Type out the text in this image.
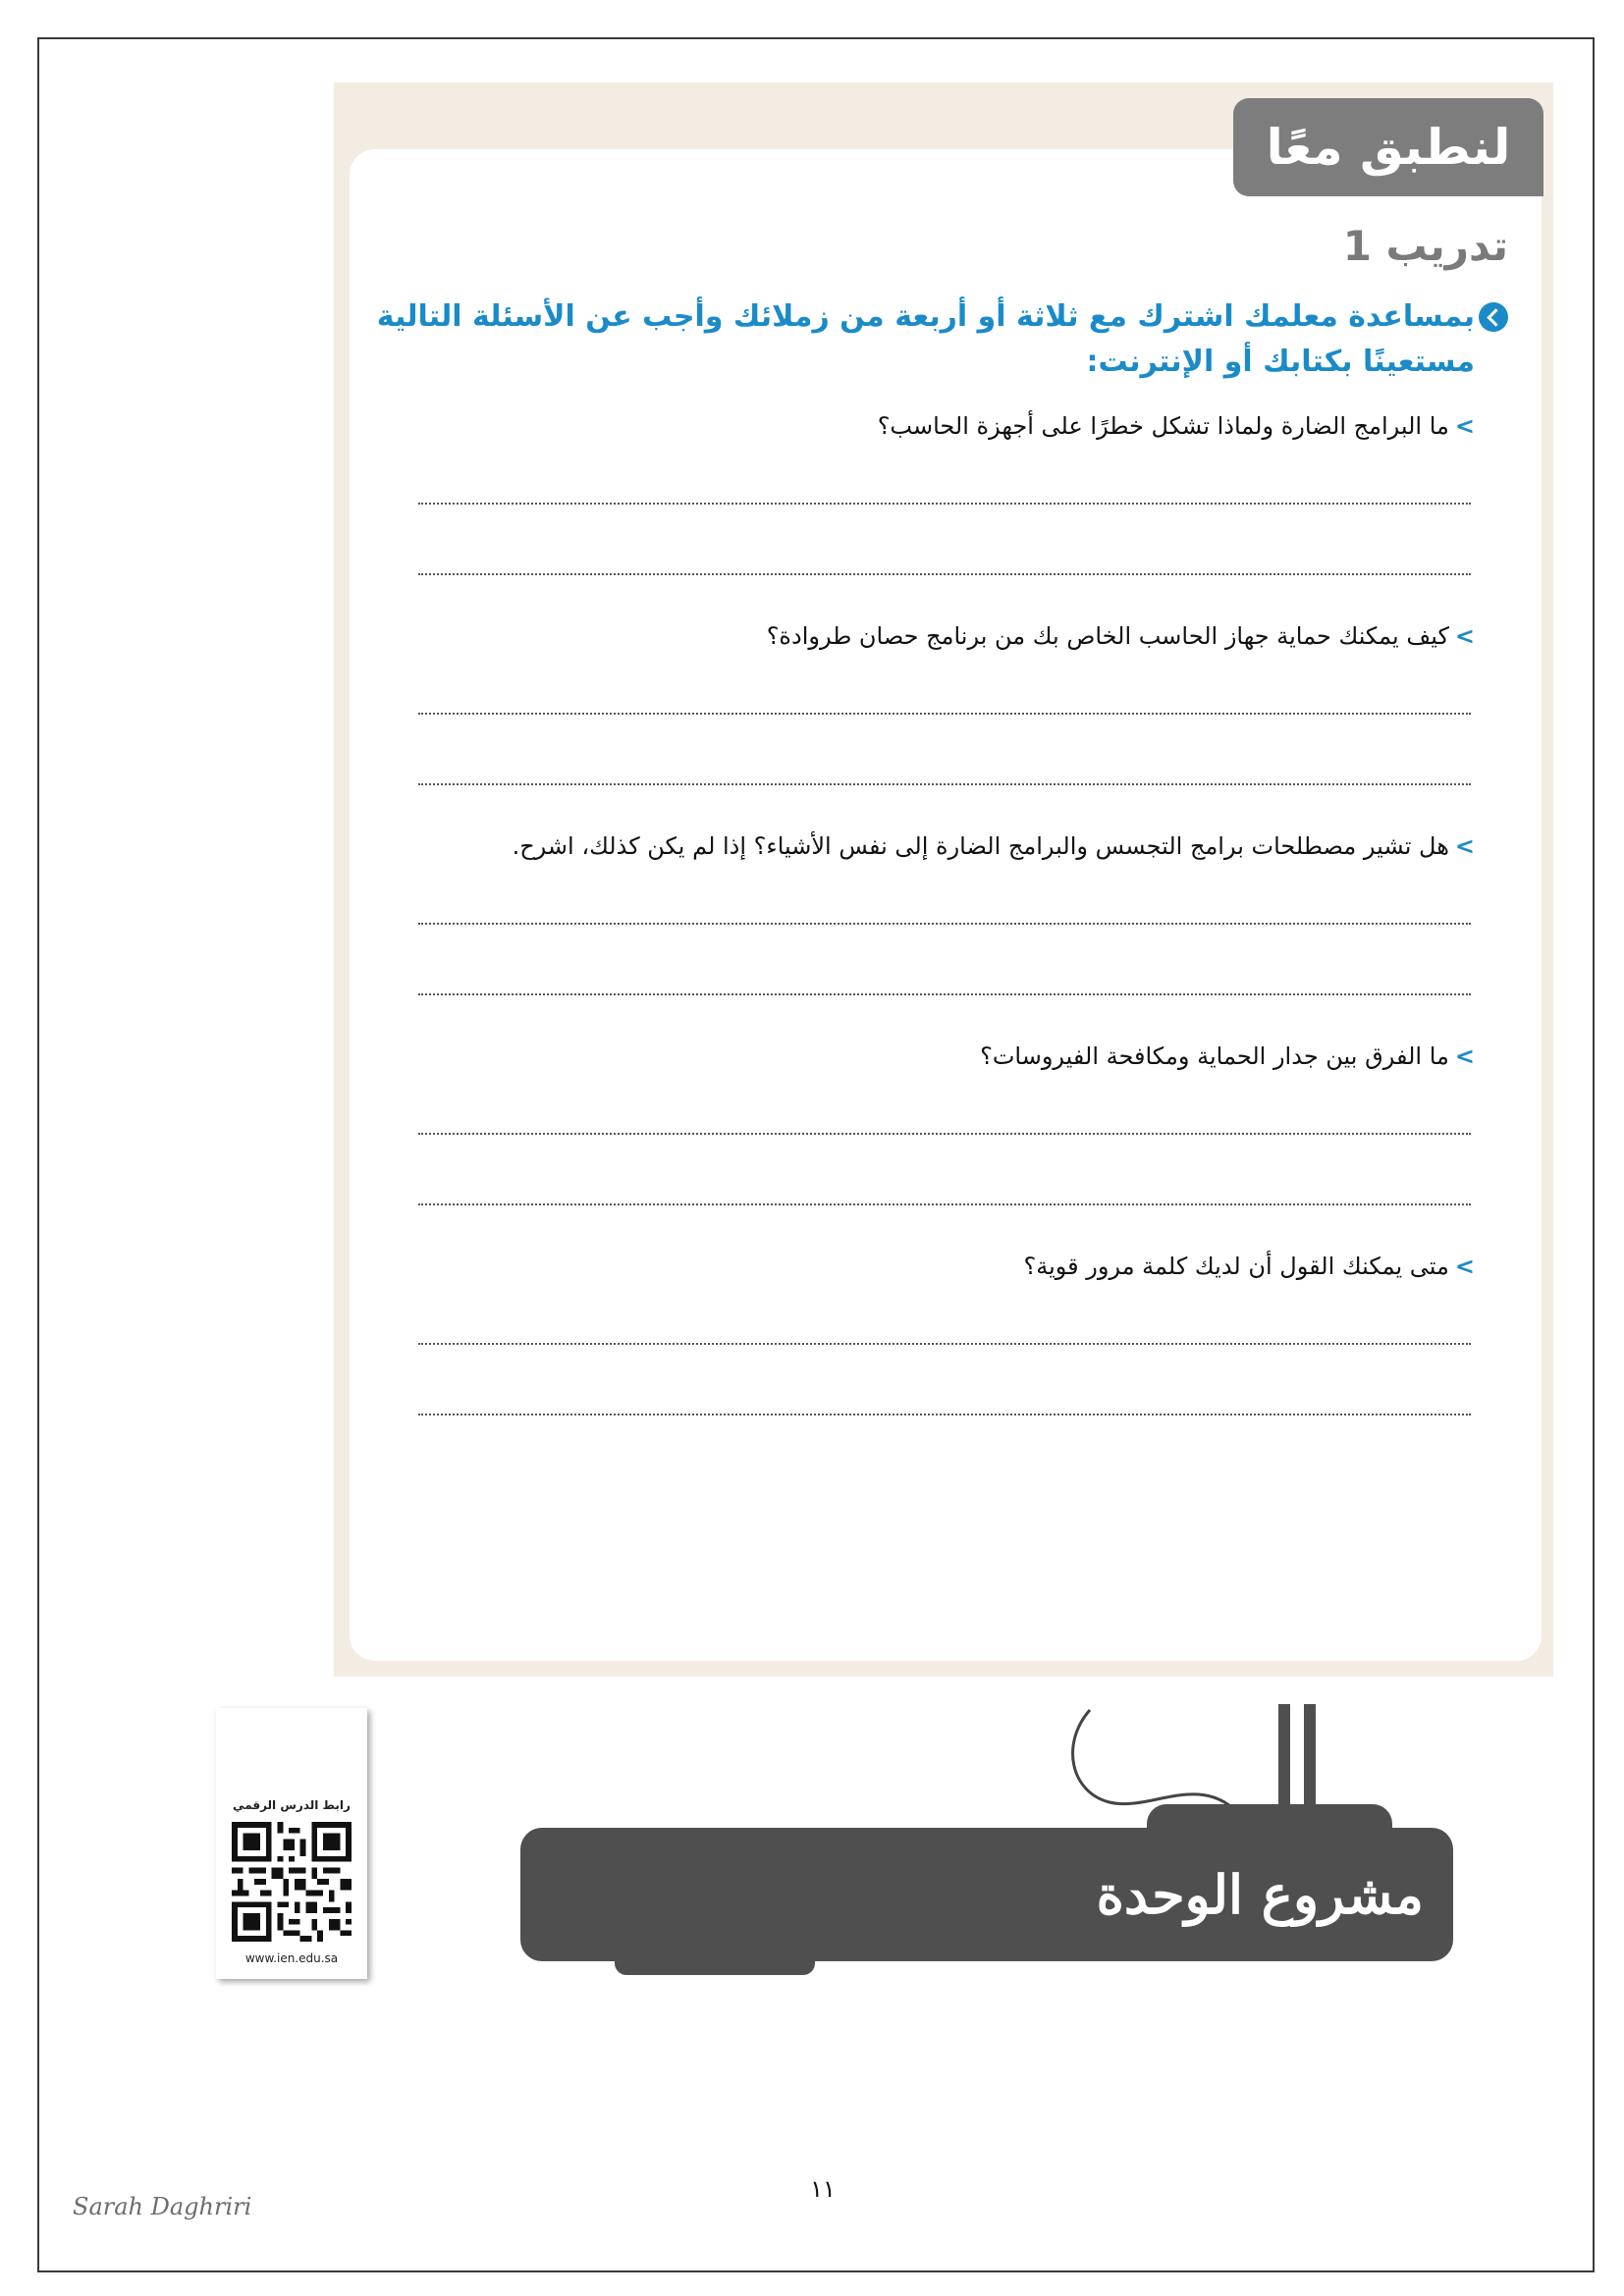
لنطبق معًا
تدريب 1
بمساعدة معلمك اشترك مع ثلاثة أو أربعة من زملائك وأجب عن الأسئلة التالية مستعينًا بكتابك أو الإنترنت:
>ما البرامج الضارة ولماذا تشكل خطرًا على أجهزة الحاسب؟
>كيف يمكنك حماية جهاز الحاسب الخاص بك من برنامج حصان طروادة؟
>هل تشير مصطلحات برامج التجسس والبرامج الضارة إلى نفس الأشياء؟ إذا لم يكن كذلك، اشرح.
>ما الفرق بين جدار الحماية ومكافحة الفيروسات؟
>متى يمكنك القول أن لديك كلمة مرور قوية؟
مشروع الوحدة
رابط الدرس الرقمي
www.ien.edu.sa
١١
Sarah Daghriri
